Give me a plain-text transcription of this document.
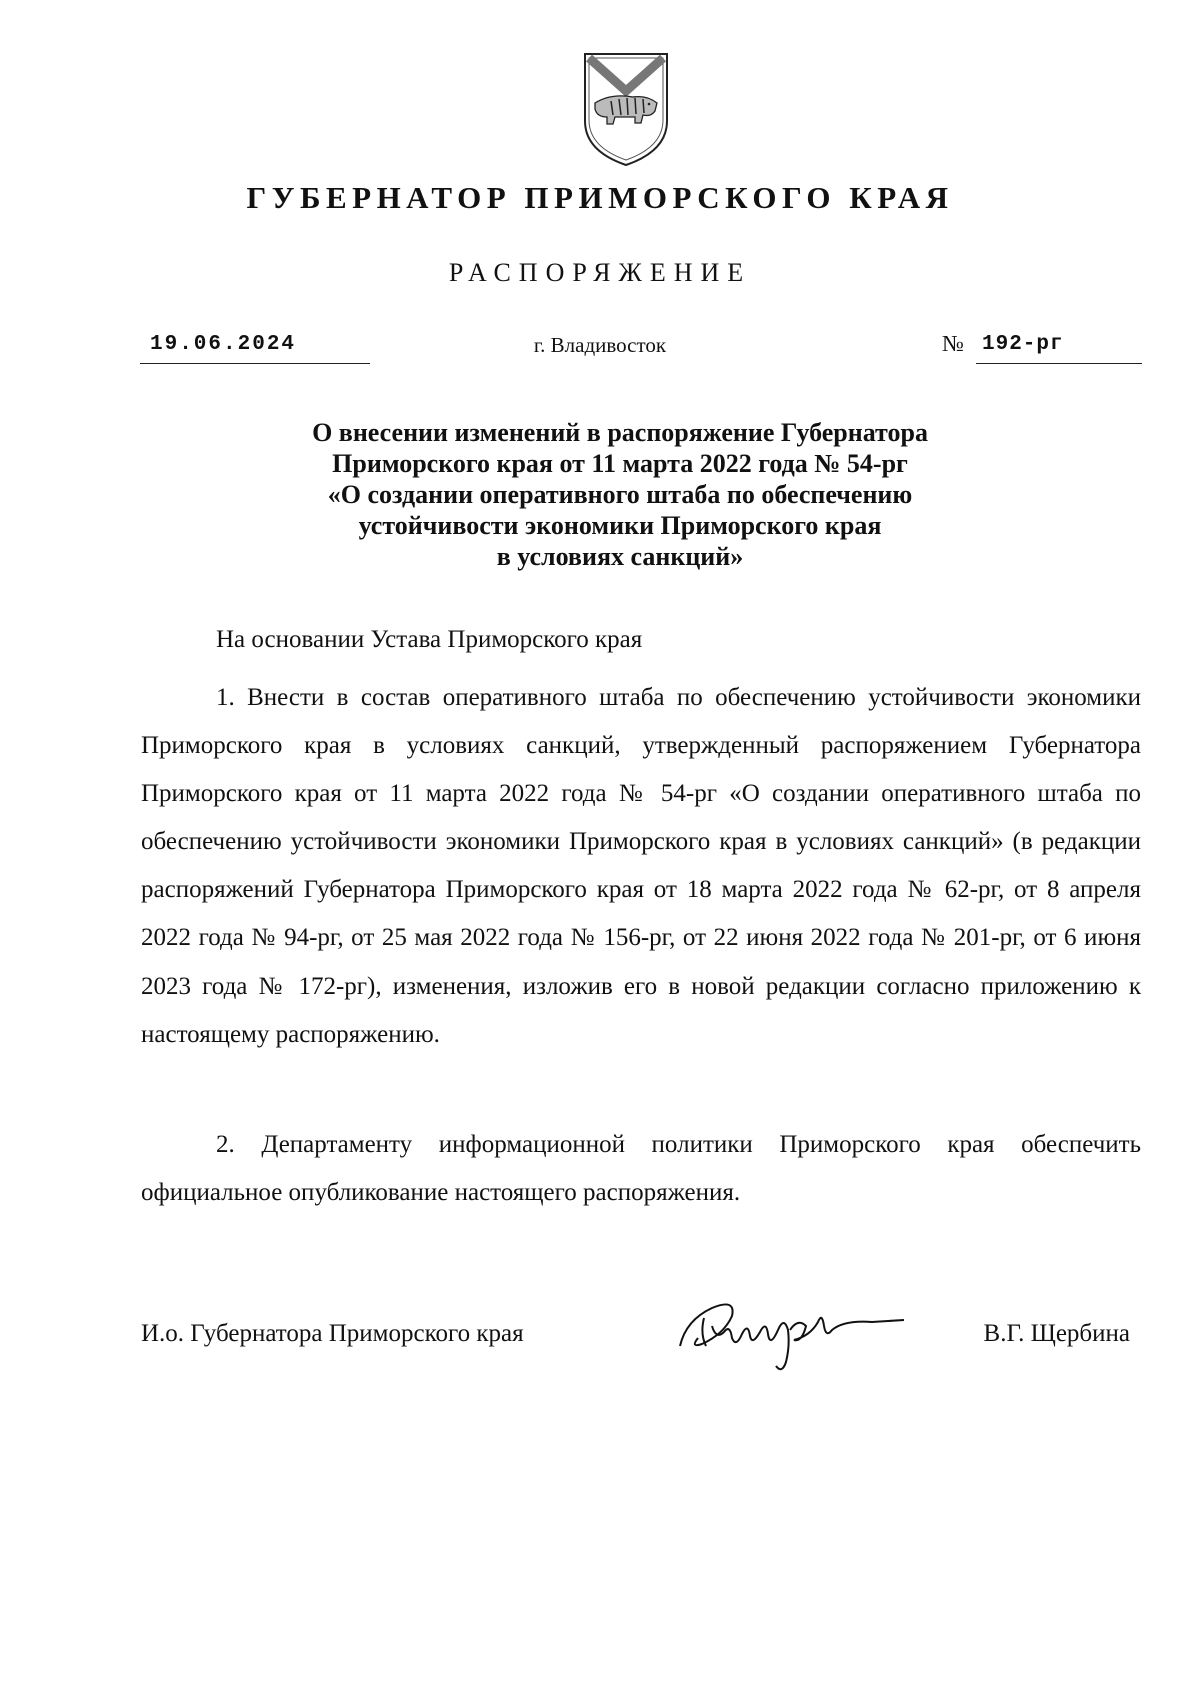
ГУБЕРНАТОР ПРИМОРСКОГО КРАЯ
РАСПОРЯЖЕНИЕ
19.06.2024	г. Владивосток	№ 192-рг
О внесении изменений в распоряжение Губернатора
Приморского края от 11 марта 2022 года № 54-рг
«О создании оперативного штаба по обеспечению
устойчивости экономики Приморского края
в условиях санкций»
На основании Устава Приморского края
1. Внести в состав оперативного штаба по обеспечению устойчивости экономики Приморского края в условиях санкций, утвержденный распоряжением Губернатора Приморского края от 11 марта 2022 года № 54-рг «О создании оперативного штаба по обеспечению устойчивости экономики Приморского края в условиях санкций» (в редакции распоряжений Губернатора Приморского края от 18 марта 2022 года № 62-рг, от 8 апреля 2022 года № 94-рг, от 25 мая 2022 года № 156-рг, от 22 июня 2022 года № 201-рг, от 6 июня 2023 года № 172-рг), изменения, изложив его в новой редакции согласно приложению к настоящему распоряжению.
2. Департаменту информационной политики Приморского края обеспечить официальное опубликование настоящего распоряжения.
И.о. Губернатора Приморского края	В.Г. Щербина
